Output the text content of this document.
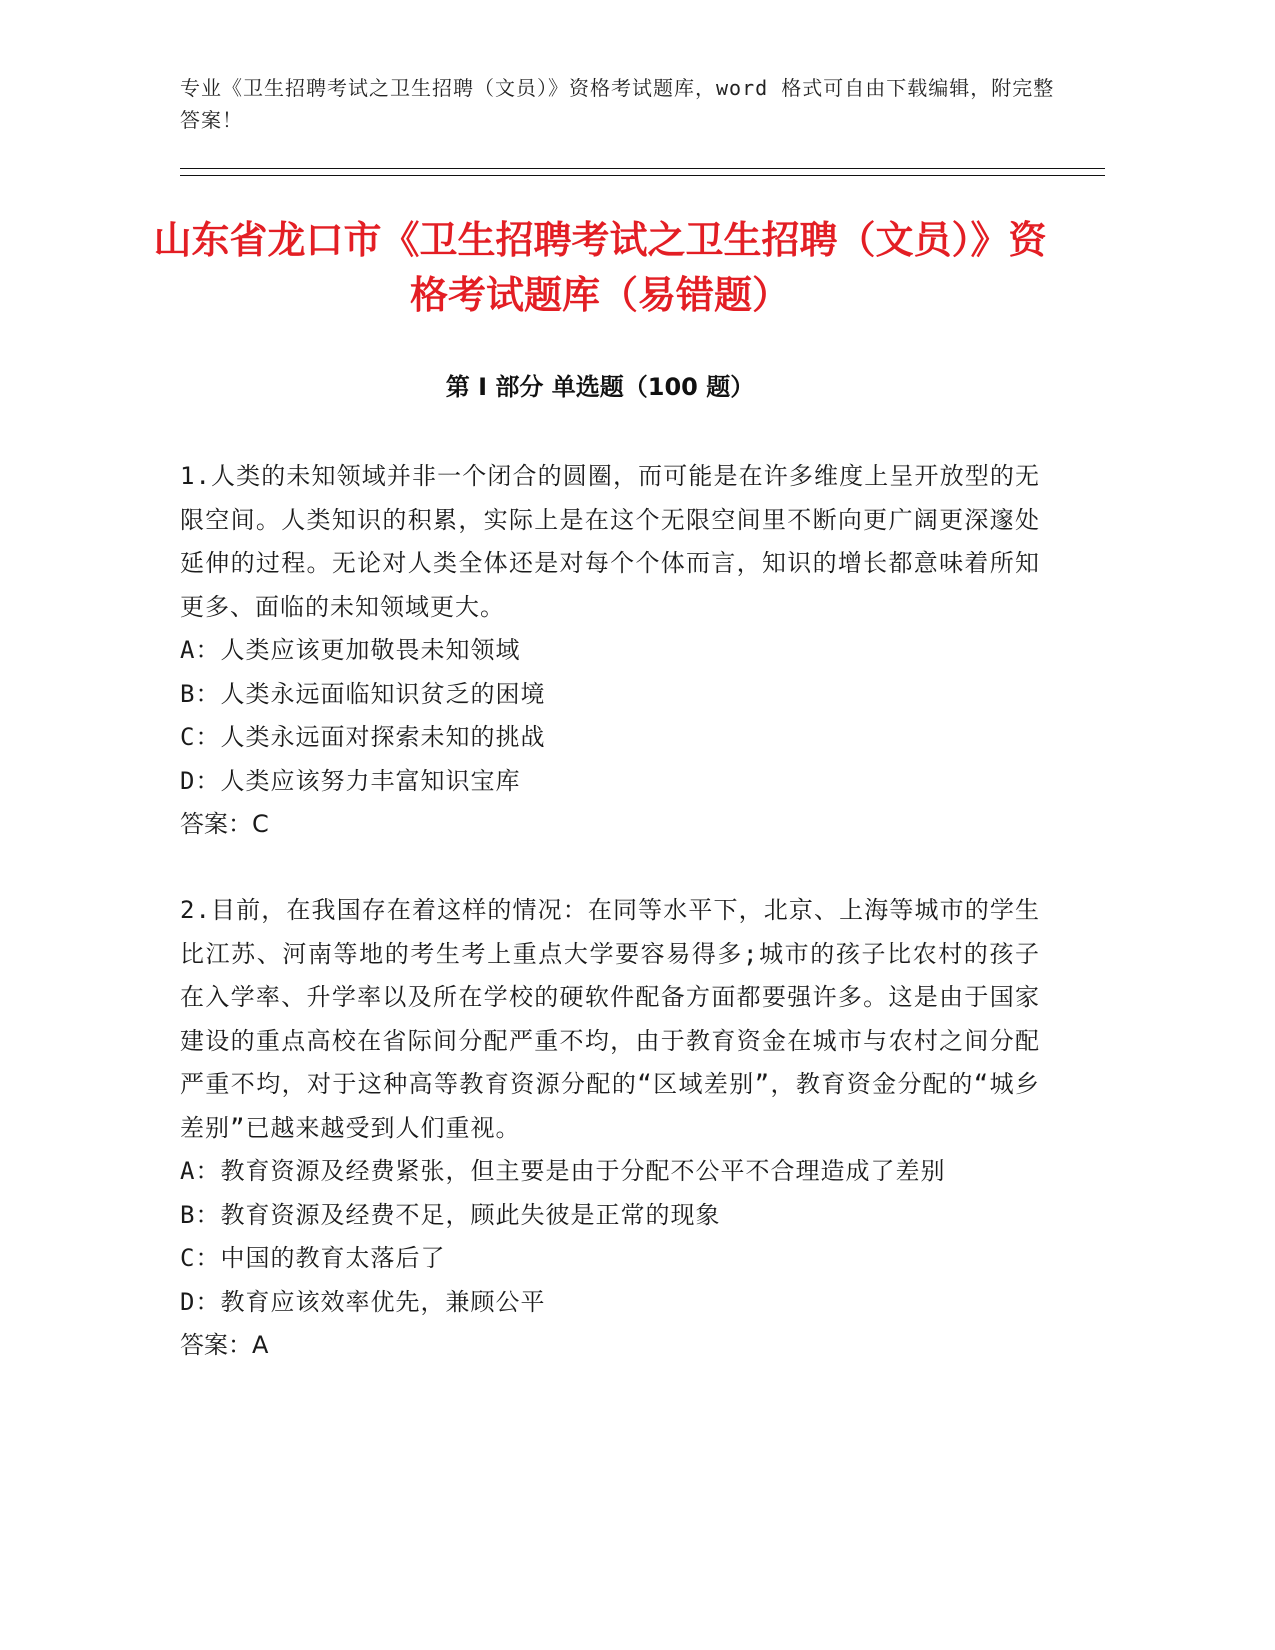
专业《卫生招聘考试之卫生招聘（文员）》资格考试题库，word 格式可自由下载编辑，附完整答案！

山东省龙口市《卫生招聘考试之卫生招聘（文员）》资格考试题库（易错题）
第 I 部分 单选题（100 题）

1.人类的未知领域并非一个闭合的圆圈，而可能是在许多维度上呈开放型的无限空间。人类知识的积累，实际上是在这个无限空间里不断向更广阔更深邃处延伸的过程。无论对人类全体还是对每个个体而言，知识的增长都意味着所知更多、面临的未知领域更大。

A：人类应该更加敬畏未知领域

B：人类永远面临知识贫乏的困境

C：人类永远面对探索未知的挑战

D：人类应该努力丰富知识宝库

答案：C

2.目前，在我国存在着这样的情况：在同等水平下，北京、上海等城市的学生比江苏、河南等地的考生考上重点大学要容易得多;城市的孩子比农村的孩子在入学率、升学率以及所在学校的硬软件配备方面都要强许多。这是由于国家建设的重点高校在省际间分配严重不均，由于教育资金在城市与农村之间分配严重不均，对于这种高等教育资源分配的“区域差别”，教育资金分配的“城乡差别”已越来越受到人们重视。

A：教育资源及经费紧张，但主要是由于分配不公平不合理造成了差别

B：教育资源及经费不足，顾此失彼是正常的现象

C：中国的教育太落后了

D：教育应该效率优先，兼顾公平

答案：A
